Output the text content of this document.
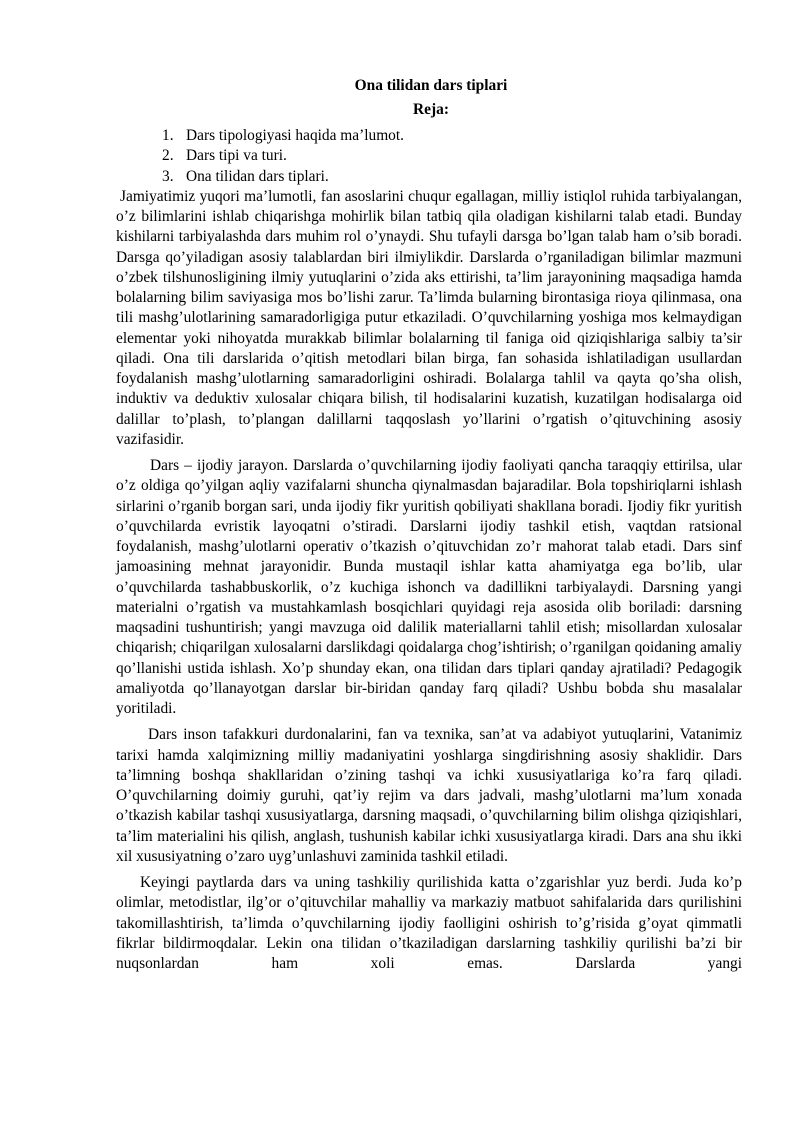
Ona tilidan dars tiplari
Reja:
1. Dars tipologiyasi haqida ma’lumot.
2. Dars tipi va turi.
3. Ona tilidan dars tiplari.

Jamiyatimiz yuqori ma’lumotli, fan asoslarini chuqur egallagan, milliy istiqlol ruhida tarbiyalangan, o’z bilimlarini ishlab chiqarishga mohirlik bilan tatbiq qila oladigan kishilarni talab etadi. Bunday kishilarni tarbiyalashda dars muhim rol o’ynaydi. Shu tufayli darsga bo’lgan talab ham o’sib boradi. Darsga qo’yiladigan asosiy talablardan biri ilmiylikdir. Darslarda o’rganiladigan bilimlar mazmuni o’zbek tilshunosligining ilmiy yutuqlarini o’zida aks ettirishi, ta’lim jarayonining maqsadiga hamda bolalarning bilim saviyasiga mos bo’lishi zarur. Ta’limda bularning birontasiga rioya qilinmasa, ona tili mashg’ulotlarining samaradorligiga putur etkaziladi. O’quvchilarning yoshiga mos kelmaydigan elementar yoki nihoyatda murakkab bilimlar bolalarning til faniga oid qiziqishlariga salbiy ta’sir qiladi. Ona tili darslarida o’qitish metodlari bilan birga, fan sohasida ishlatiladigan usullardan foydalanish mashg’ulotlarning samaradorligini oshiradi. Bolalarga tahlil va qayta qo’sha olish, induktiv va deduktiv xulosalar chiqara bilish, til hodisalarini kuzatish, kuzatilgan hodisalarga oid dalillar to’plash, to’plangan dalillarni taqqoslash yo’llarini o’rgatish o’qituvchining asosiy vazifasidir.

Dars – ijodiy jarayon. Darslarda o’quvchilarning ijodiy faoliyati qancha taraqqiy ettirilsa, ular o’z oldiga qo’yilgan aqliy vazifalarni shuncha qiynalmasdan bajaradilar. Bola topshiriqlarni ishlash sirlarini o’rganib borgan sari, unda ijodiy fikr yuritish qobiliyati shakllana boradi. Ijodiy fikr yuritish o’quvchilarda evristik layoqatni o’stiradi. Darslarni ijodiy tashkil etish, vaqtdan ratsional foydalanish, mashg’ulotlarni operativ o’tkazish o’qituvchidan zo’r mahorat talab etadi. Dars sinf jamoasining mehnat jarayonidir. Bunda mustaqil ishlar katta ahamiyatga ega bo’lib, ular o’quvchilarda tashabbuskorlik, o’z kuchiga ishonch va dadillikni tarbiyalaydi. Darsning yangi materialni o’rgatish va mustahkamlash bosqichlari quyidagi reja asosida olib boriladi: darsning maqsadini tushuntirish; yangi mavzuga oid dalilik materiallarni tahlil etish; misollardan xulosalar chiqarish; chiqarilgan xulosalarni darslikdagi qoidalarga chog’ishtirish; o’rganilgan qoidaning amaliy qo’llanishi ustida ishlash. Xo’p shunday ekan, ona tilidan dars tiplari qanday ajratiladi? Pedagogik amaliyotda qo’llanayotgan darslar bir-biridan qanday farq qiladi? Ushbu bobda shu masalalar yoritiladi.

Dars inson tafakkuri durdonalarini, fan va texnika, san’at va adabiyot yutuqlarini, Vatanimiz tarixi hamda xalqimizning milliy madaniyatini yoshlarga singdirishning asosiy shaklidir. Dars ta’limning boshqa shakllaridan o’zining tashqi va ichki xususiyatlariga ko’ra farq qiladi. O’quvchilarning doimiy guruhi, qat’iy rejim va dars jadvali, mashg’ulotlarni ma’lum xonada o’tkazish kabilar tashqi xususiyatlarga, darsning maqsadi, o’quvchilarning bilim olishga qiziqishlari, ta’lim materialini his qilish, anglash, tushunish kabilar ichki xususiyatlarga kiradi. Dars ana shu ikki xil xususiyatning o’zaro uyg’unlashuvi zaminida tashkil etiladi.

Keyingi paytlarda dars va uning tashkiliy qurilishida katta o’zgarishlar yuz berdi. Juda ko’p olimlar, metodistlar, ilg’or o’qituvchilar mahalliy va markaziy matbuot sahifalarida dars qurilishini takomillashtirish, ta’limda o’quvchilarning ijodiy faolligini oshirish to’g’risida g’oyat qimmatli fikrlar bildirmoqdalar. Lekin ona tilidan o’tkaziladigan darslarning tashkiliy qurilishi ba’zi bir nuqsonlardan ham xoli emas. Darslarda yangi
